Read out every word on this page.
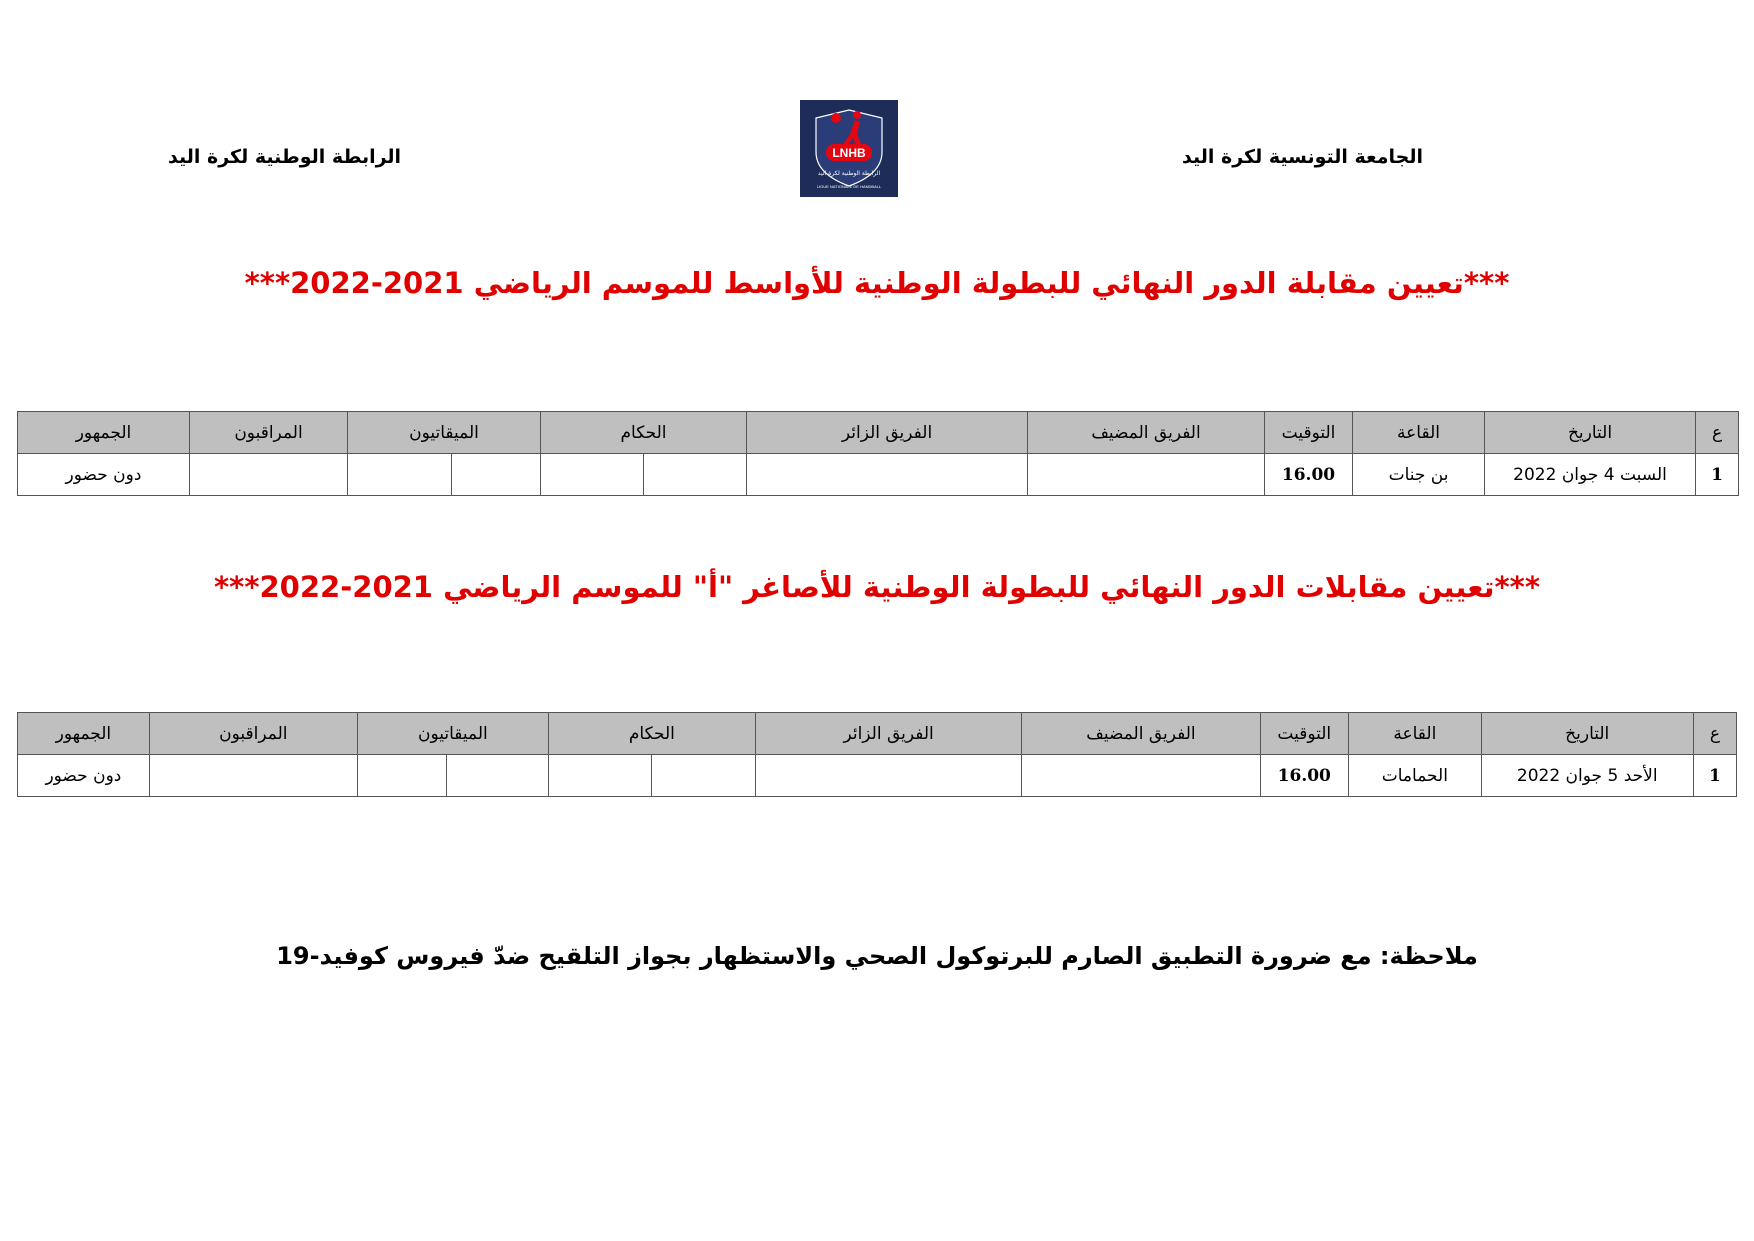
الجامعة التونسية لكرة اليد
الرابطة الوطنية لكرة اليد	LNHB
الرابطة الوطنية لكرة اليد
LIGUE NATIONALE DE HANDBALL
***تعيين مقابلة الدور النهائي للبطولة الوطنية للأواسط للموسم الرياضي 2021-2022***
ع	التاريخ	القاعة	التوقيت	الفريق المضيف	الفريق الزائر	الحكام		الميقاتيون		المراقبون	الجمهور
1	السبت 4 جوان 2022	بن جنات	16.00								دون حضور
***تعيين مقابلات الدور النهائي للبطولة الوطنية للأصاغر "أ" للموسم الرياضي 2021-2022***
ع	التاريخ	القاعة	التوقيت	الفريق المضيف	الفريق الزائر	الحكام		الميقاتيون		المراقبون	الجمهور
1	الأحد 5 جوان 2022	الحمامات	16.00								دون حضور
ملاحظة: مع ضرورة التطبيق الصارم للبرتوكول الصحي والاستظهار بجواز التلقيح ضدّ فيروس كوفيد-19
